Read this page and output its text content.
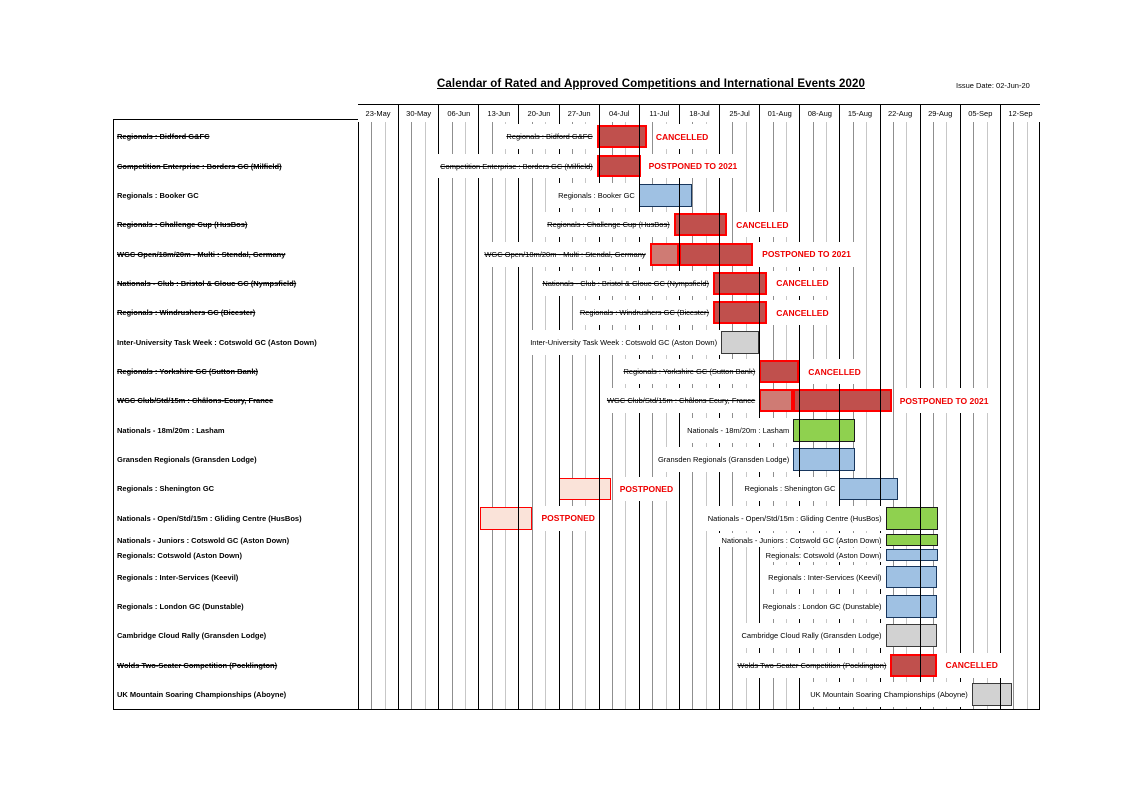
Calendar of Rated and Approved Competitions and International Events 2020	Issue Date: 02-Jun-20
23-May	30-May	06-Jun	13-Jun	20-Jun	27-Jun	04-Jul	11-Jul	18-Jul	25-Jul	01-Aug	08-Aug	15-Aug	22-Aug	29-Aug	05-Sep	12-Sep
Regionals : Bidford G&FC	Regionals : Bidford G&FC	CANCELLED
Competition Enterprise : Borders GC (Milfield)	Competition Enterprise : Borders GC (Milfield)	POSTPONED TO 2021
Regionals : Booker GC	Regionals : Booker GC
Regionals : Challenge Cup (HusBos)	Regionals : Challenge Cup (HusBos)	CANCELLED
WGC Open/18m/20m - Multi : Stendal, Germany	WGC Open/18m/20m - Multi : Stendal, Germany	POSTPONED TO 2021
Nationals - Club : Bristol & Glouc GC (Nympsfield)	Nationals - Club : Bristol & Glouc GC (Nympsfield)	CANCELLED
Regionals : Windrushers GC (Bicester)	Regionals : Windrushers GC (Bicester)	CANCELLED
Inter-University Task Week : Cotswold GC (Aston Down)	Inter-University Task Week : Cotswold GC (Aston Down)
Regionals : Yorkshire GC (Sutton Bank)	Regionals : Yorkshire GC (Sutton Bank)	CANCELLED
WGC Club/Std/15m : Châlons-Ecury, France	WGC Club/Std/15m : Châlons-Ecury, France	POSTPONED TO 2021
Nationals - 18m/20m : Lasham	Nationals - 18m/20m : Lasham
Gransden Regionals (Gransden Lodge)	Gransden Regionals (Gransden Lodge)
Regionals : Shenington GC	POSTPONED	Regionals : Shenington GC
Nationals - Open/Std/15m : Gliding Centre (HusBos)	POSTPONED	Nationals - Open/Std/15m : Gliding Centre (HusBos)
Nationals - Juniors : Cotswold GC (Aston Down)	Nationals - Juniors : Cotswold GC (Aston Down)
Regionals: Cotswold (Aston Down)	Regionals: Cotswold (Aston Down)
Regionals : Inter-Services (Keevil)	Regionals : Inter-Services (Keevil)
Regionals : London GC (Dunstable)	Regionals : London GC (Dunstable)
Cambridge Cloud Rally (Gransden Lodge)	Cambridge Cloud Rally (Gransden Lodge)
Wolds Two-Seater Competition (Pocklington)	Wolds Two-Seater Competition (Pocklington)	CANCELLED
UK Mountain Soaring Championships (Aboyne)	UK Mountain Soaring Championships (Aboyne)
